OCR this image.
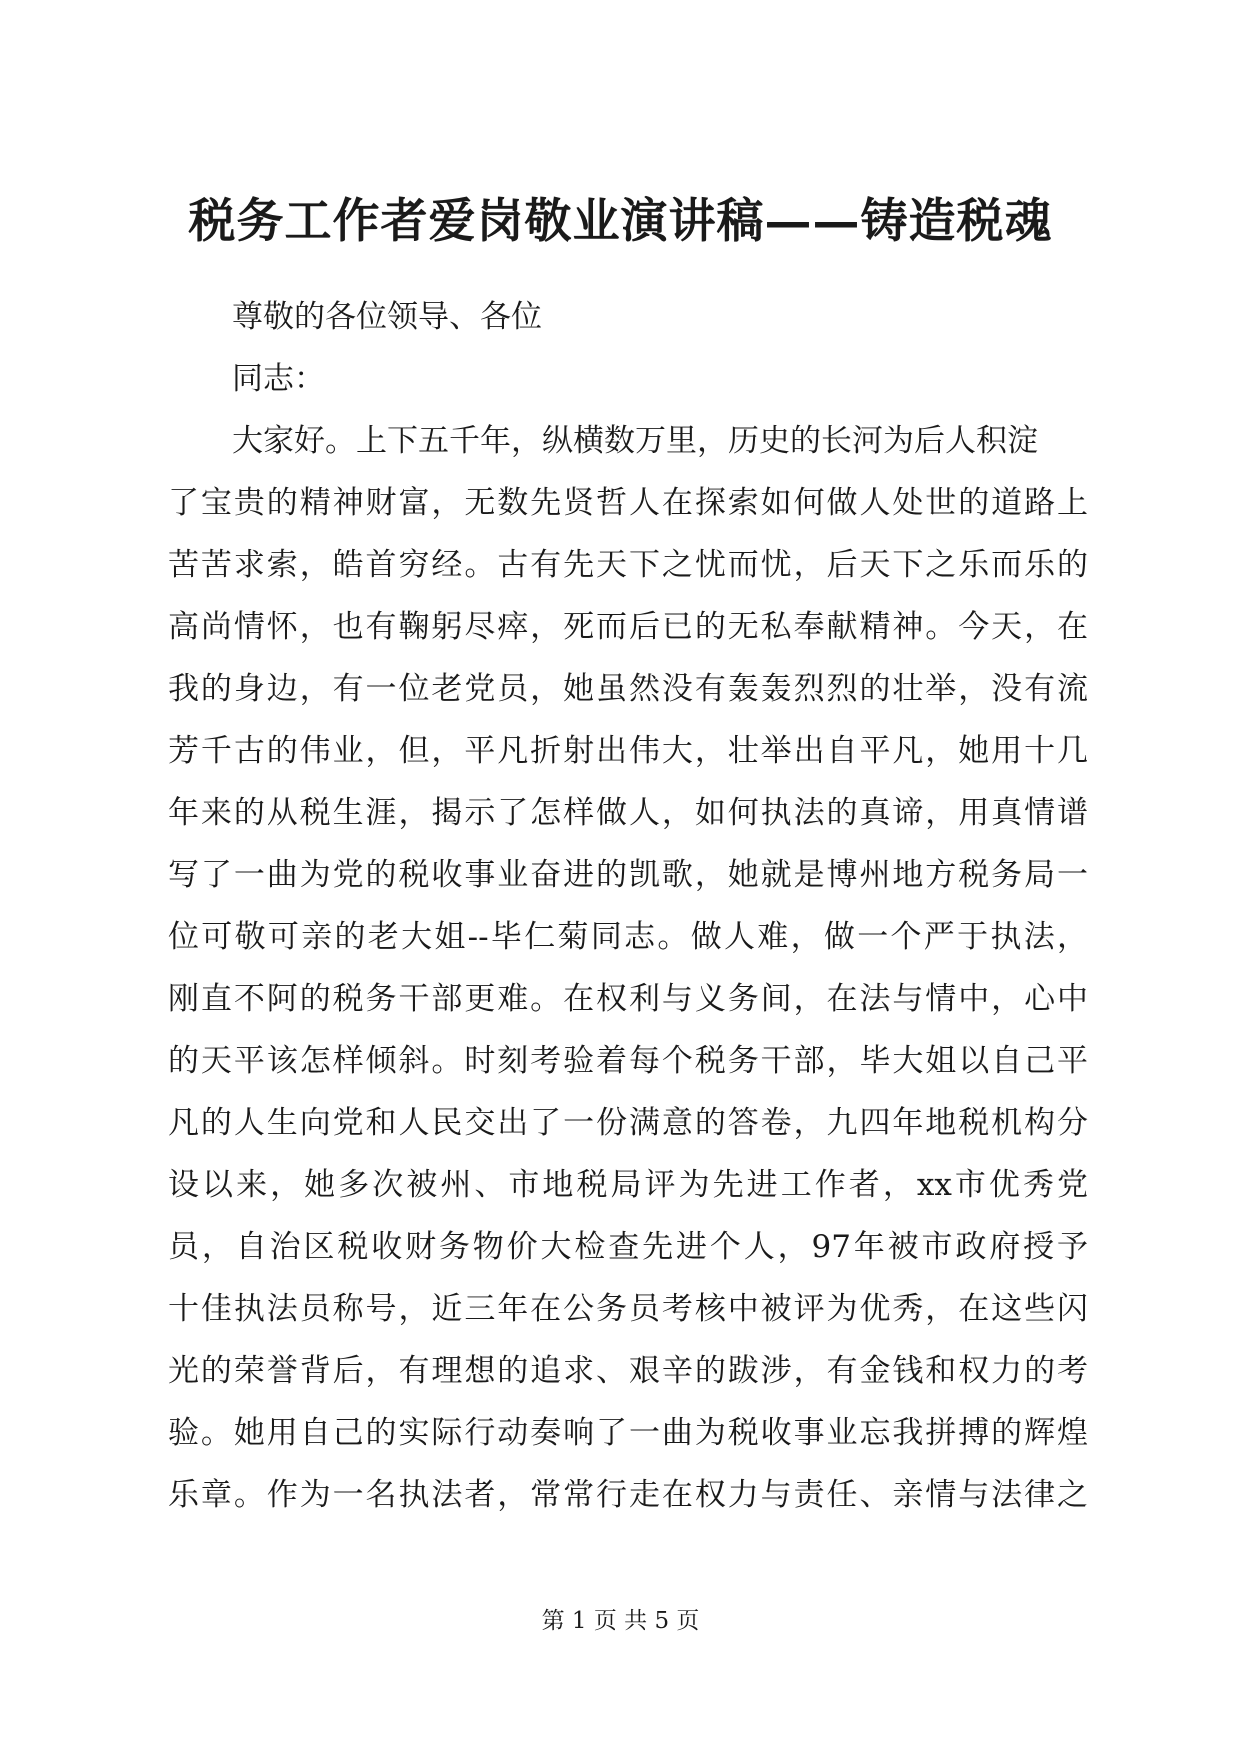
税务工作者爱岗敬业演讲稿——铸造税魂
尊敬的各位领导、各位
同志：
大家好。上下五千年，纵横数万里，历史的长河为后人积淀
了宝贵的精神财富，无数先贤哲人在探索如何做人处世的道路上
苦苦求索，皓首穷经。古有先天下之忧而忧，后天下之乐而乐的
高尚情怀，也有鞠躬尽瘁，死而后已的无私奉献精神。今天，在
我的身边，有一位老党员，她虽然没有轰轰烈烈的壮举，没有流
芳千古的伟业，但，平凡折射出伟大，壮举出自平凡，她用十几
年来的从税生涯，揭示了怎样做人，如何执法的真谛，用真情谱
写了一曲为党的税收事业奋进的凯歌，她就是博州地方税务局一
位可敬可亲的老大姐--毕仁菊同志。做人难，做一个严于执法，
刚直不阿的税务干部更难。在权利与义务间，在法与情中，心中
的天平该怎样倾斜。时刻考验着每个税务干部，毕大姐以自己平
凡的人生向党和人民交出了一份满意的答卷，九四年地税机构分
设以来，她多次被州、市地税局评为先进工作者，xx市优秀党
员，自治区税收财务物价大检查先进个人，97年被市政府授予
十佳执法员称号，近三年在公务员考核中被评为优秀，在这些闪
光的荣誉背后，有理想的追求、艰辛的跋涉，有金钱和权力的考
验。她用自己的实际行动奏响了一曲为税收事业忘我拼搏的辉煌
乐章。作为一名执法者，常常行走在权力与责任、亲情与法律之
第 1 页 共 5 页
